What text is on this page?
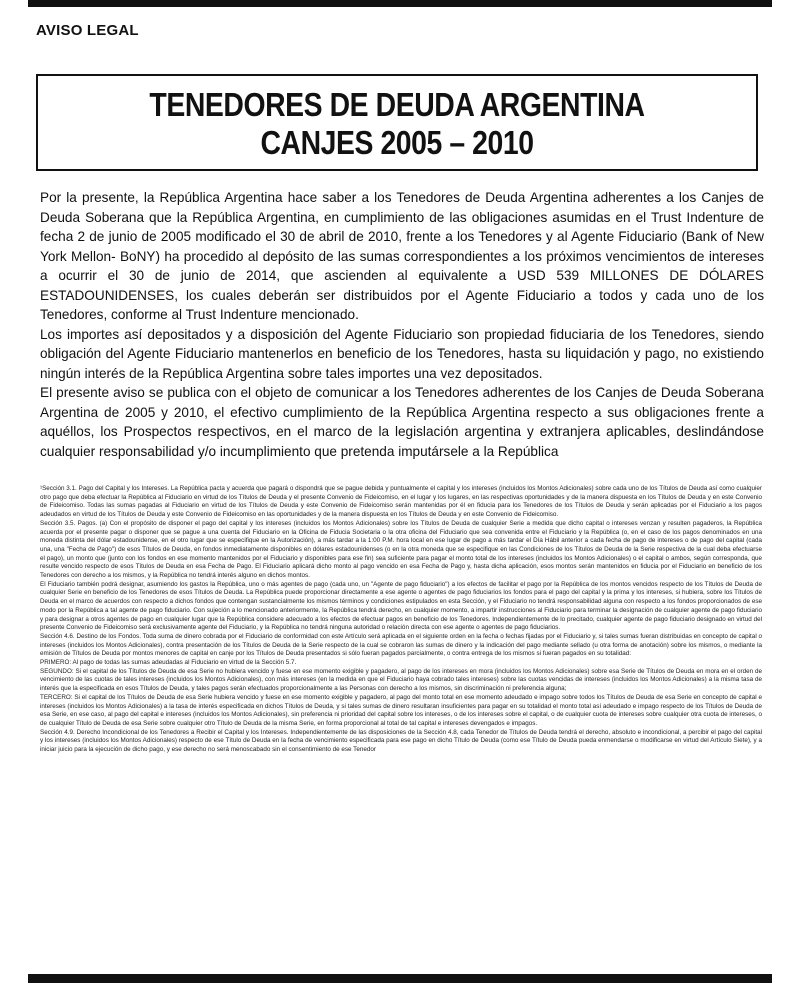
AVISO LEGAL
TENEDORES DE DEUDA ARGENTINA
CANJES 2005 – 2010

Por la presente, la República Argentina hace saber a los Tenedores de Deuda Argentina adherentes a los Canjes de Deuda Soberana que la República Argentina, en cumplimiento de las obligaciones asumidas en el Trust Indenture de fecha 2 de junio de 2005 modificado el 30 de abril de 2010, frente a los Tenedores y al Agente Fiduciario (Bank of New York Mellon- BoNY) ha procedido al depósito de las sumas correspondientes a los próximos vencimientos de intereses a ocurrir el 30 de junio de 2014, que ascienden al equivalente a USD 539 MILLONES DE DÓLARES ESTADOUNIDENSES, los cuales deberán ser distribuidos por el Agente Fiduciario a todos y cada uno de los Tenedores, conforme al Trust Indenture mencionado.

Los importes así depositados y a disposición del Agente Fiduciario son propiedad fiduciaria de los Tenedores, siendo obligación del Agente Fiduciario mantenerlos en beneficio de los Tenedores, hasta su liquidación y pago, no existiendo ningún interés de la República Argentina sobre tales importes una vez depositados.

El presente aviso se publica con el objeto de comunicar a los Tenedores adherentes de los Canjes de Deuda Soberana Argentina de 2005 y 2010, el efectivo cumplimiento de la República Argentina respecto a sus obligaciones frente a aquéllos, los Prospectos respectivos, en el marco de la legislación argentina y extranjera aplicables, deslindándose cualquier responsabilidad y/o incumplimiento que pretenda imputársele a la República

¹Sección 3.1. Pago del Capital y los Intereses. La República pacta y acuerda que pagará o dispondrá que se pague debida y puntualmente el capital y los intereses (incluidos los Montos Adicionales) sobre cada uno de los Títulos de Deuda así como cualquier otro pago que deba efectuar la República al Fiduciario en virtud de los Títulos de Deuda y el presente Convenio de Fideicomiso, en el lugar y los lugares, en las respectivas oportunidades y de la manera dispuesta en los Títulos de Deuda y en este Convenio de Fideicomiso. Todas las sumas pagadas al Fiduciario en virtud de los Títulos de Deuda y este Convenio de Fideicomiso serán mantenidas por él en fiducia para los Tenedores de los Títulos de Deuda y serán aplicadas por el Fiduciario a los pagos adeudados en virtud de los Títulos de Deuda y este Convenio de Fideicomiso en las oportunidades y de la manera dispuesta en los Títulos de Deuda y en este Convenio de Fideicomiso.

Sección 3.5. Pagos. (a) Con el propósito de disponer el pago del capital y los intereses (incluidos los Montos Adicionales) sobre los Títulos de Deuda de cualquier Serie a medida que dicho capital o intereses venzan y resulten pagaderos, la República acuerda por el presente pagar o disponer que se pague a una cuenta del Fiduciario en la Oficina de Fiducia Societaria o la otra oficina del Fiduciario que sea convenida entre el Fiduciario y la República (o, en el caso de los pagos denominados en una moneda distinta del dólar estadounidense, en el otro lugar que se especifique en la Autorización), a más tardar a la 1:00 P.M. hora local en ese lugar de pago a más tardar el Día Hábil anterior a cada fecha de pago de intereses o de pago del capital (cada una, una "Fecha de Pago") de esos Títulos de Deuda, en fondos inmediatamente disponibles en dólares estadounidenses (o en la otra moneda que se especifique en las Condiciones de los Títulos de Deuda de la Serie respectiva de la cual deba efectuarse el pago), un monto que (junto con los fondos en ese momento mantenidos por el Fiduciario y disponibles para ese fin) sea suficiente para pagar el monto total de los intereses (incluidos los Montos Adicionales) o el capital o ambos, según corresponda, que resulte vencido respecto de esos Títulos de Deuda en esa Fecha de Pago. El Fiduciario aplicará dicho monto al pago vencido en esa Fecha de Pago y, hasta dicha aplicación, esos montos serán mantenidos en fiducia por el Fiduciario en beneficio de los Tenedores con derecho a los mismos, y la República no tendrá interés alguno en dichos montos.

El Fiduciario también podrá designar, asumiendo los gastos la República, uno o más agentes de pago (cada uno, un "Agente de pago fiduciario") a los efectos de facilitar el pago por la República de los montos vencidos respecto de los Títulos de Deuda de cualquier Serie en beneficio de los Tenedores de esos Títulos de Deuda. La República puede proporcionar directamente a ese agente o agentes de pago fiduciarios los fondos para el pago del capital y la prima y los intereses, si hubiera, sobre los Títulos de Deuda en el marco de acuerdos con respecto a dichos fondos que contengan sustancialmente los mismos términos y condiciones estipulados en esta Sección, y el Fiduciario no tendrá responsabilidad alguna con respecto a los fondos proporcionados de ese modo por la República a tal agente de pago fiduciario. Con sujeción a lo mencionado anteriormente, la República tendrá derecho, en cualquier momento, a impartir instrucciones al Fiduciario para terminar la designación de cualquier agente de pago fiduciario y para designar a otros agentes de pago en cualquier lugar que la República considere adecuado a los efectos de efectuar pagos en beneficio de los Tenedores. Independientemente de lo precitado, cualquier agente de pago fiduciario designado en virtud del presente Convenio de Fideicomiso será exclusivamente agente del Fiduciario, y la República no tendrá ninguna autoridad o relación directa con ese agente o agentes de pago fiduciarios.

Sección 4.6. Destino de los Fondos. Toda suma de dinero cobrada por el Fiduciario de conformidad con este Artículo será aplicada en el siguiente orden en la fecha o fechas fijadas por el Fiduciario y, si tales sumas fueran distribuidas en concepto de capital o intereses (incluidos los Montos Adicionales), contra presentación de los Títulos de Deuda de la Serie respecto de la cual se cobraron las sumas de dinero y la indicación del pago mediante sellado (u otra forma de anotación) sobre los mismos, o mediante la emisión de Títulos de Deuda por montos menores de capital en canje por los Títulos de Deuda presentados si sólo fueran pagados parcialmente, o contra entrega de los mismos si fueran pagados en su totalidad:

PRIMERO: Al pago de todas las sumas adeudadas al Fiduciario en virtud de la Sección 5.7.

SEGUNDO: Si el capital de los Títulos de Deuda de esa Serie no hubiera vencido y fuese en ese momento exigible y pagadero, al pago de los intereses en mora (incluidos los Montos Adicionales) sobre esa Serie de Títulos de Deuda en mora en el orden de vencimiento de las cuotas de tales intereses (incluidos los Montos Adicionales), con más intereses (en la medida en que el Fiduciario haya cobrado tales intereses) sobre las cuotas vencidas de intereses (incluidos los Montos Adicionales) a la misma tasa de interés que la especificada en esos Títulos de Deuda, y tales pagos serán efectuados proporcionalmente a las Personas con derecho a los mismos, sin discriminación ni preferencia alguna;

TERCERO: Si el capital de los Títulos de Deuda de esa Serie hubiera vencido y fuese en ese momento exigible y pagadero, al pago del monto total en ese momento adeudado e impago sobre todos los Títulos de Deuda de esa Serie en concepto de capital e intereses (incluidos los Montos Adicionales) a la tasa de interés especificada en dichos Títulos de Deuda, y si tales sumas de dinero resultaran insuficientes para pagar en su totalidad el monto total así adeudado e impago respecto de los Títulos de Deuda de esa Serie, en ese caso, al pago del capital e intereses (incluidos los Montos Adicionales), sin preferencia ni prioridad del capital sobre los intereses, o de los intereses sobre el capital, o de cualquier cuota de intereses sobre cualquier otra cuota de intereses, o de cualquier Título de Deuda de esa Serie sobre cualquier otro Título de Deuda de la misma Serie, en forma proporcional al total de tal capital e intereses devengados e impagos.

Sección 4.9. Derecho Incondicional de los Tenedores a Recibir el Capital y los Intereses. Independientemente de las disposiciones de la Sección 4.8, cada Tenedor de Títulos de Deuda tendrá el derecho, absoluto e incondicional, a percibir el pago del capital y los intereses (incluidos los Montos Adicionales) respecto de ese Título de Deuda en la fecha de vencimiento especificada para ese pago en dicho Título de Deuda (como ese Título de Deuda pueda enmendarse o modificarse en virtud del Artículo Siete), y a iniciar juicio para la ejecución de dicho pago, y ese derecho no será menoscabado sin el consentimiento de ese Tenedor
